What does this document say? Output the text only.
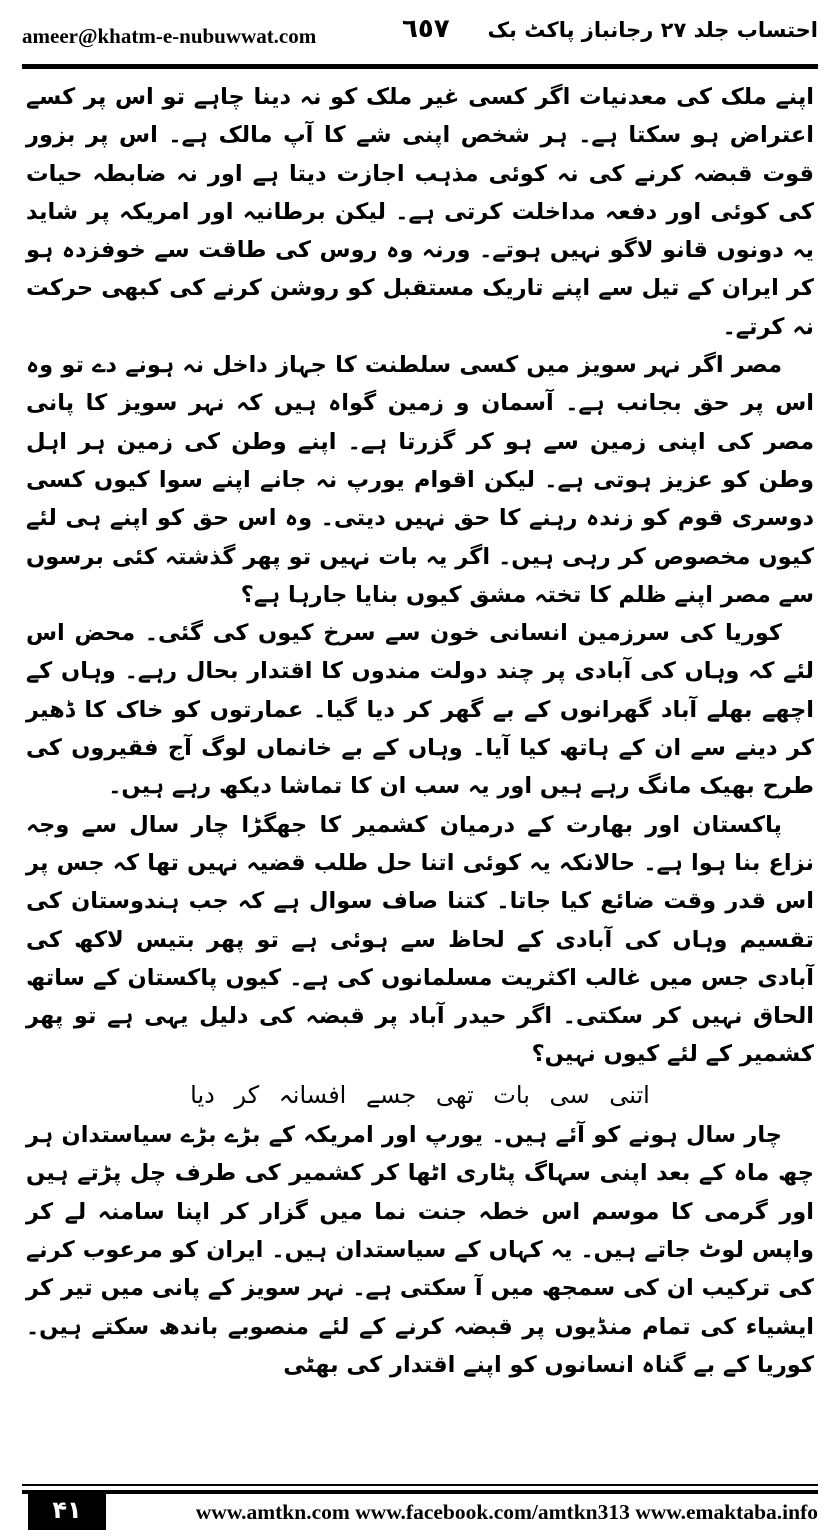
ameer@khatm-e-nubuwwat.com	٦٥٧ احتساب جلد ۲۷ رجانباز پاکٹ بک

اپنے ملک کی معدنیات اگر کسی غیر ملک کو نہ دینا چاہے تو اس پر کسے اعتراض ہو سکتا ہے۔ ہر شخص اپنی شے کا آپ مالک ہے۔ اس پر بزور قوت قبضہ کرنے کی نہ کوئی مذہب اجازت دیتا ہے اور نہ ضابطہ حیات کی کوئی اور دفعہ مداخلت کرتی ہے۔ لیکن برطانیہ اور امریکہ پر شاید یہ دونوں قانو لاگو نہیں ہوتے۔ ورنہ وہ روس کی طاقت سے خوفزدہ ہو کر ایران کے تیل سے اپنے تاریک مستقبل کو روشن کرنے کی کبھی حرکت نہ کرتے۔

مصر اگر نہر سویز میں کسی سلطنت کا جہاز داخل نہ ہونے دے تو وہ اس پر حق بجانب ہے۔ آسمان و زمین گواہ ہیں کہ نہر سویز کا پانی مصر کی اپنی زمین سے ہو کر گزرتا ہے۔ اپنے وطن کی زمین ہر اہل وطن کو عزیز ہوتی ہے۔ لیکن اقوام یورپ نہ جانے اپنے سوا کیوں کسی دوسری قوم کو زندہ رہنے کا حق نہیں دیتی۔ وہ اس حق کو اپنے ہی لئے کیوں مخصوص کر رہی ہیں۔ اگر یہ بات نہیں تو پھر گذشتہ کئی برسوں سے مصر اپنے ظلم کا تختہ مشق کیوں بنایا جارہا ہے؟

کوریا کی سرزمین انسانی خون سے سرخ کیوں کی گئی۔ محض اس لئے کہ وہاں کی آبادی پر چند دولت مندوں کا اقتدار بحال رہے۔ وہاں کے اچھے بھلے آباد گھرانوں کے بے گھر کر دیا گیا۔ عمارتوں کو خاک کا ڈھیر کر دینے سے ان کے ہاتھ کیا آیا۔ وہاں کے بے خانماں لوگ آج فقیروں کی طرح بھیک مانگ رہے ہیں اور یہ سب ان کا تماشا دیکھ رہے ہیں۔

پاکستان اور بھارت کے درمیان کشمیر کا جھگڑا چار سال سے وجہ نزاع بنا ہوا ہے۔ حالانکہ یہ کوئی اتنا حل طلب قضیہ نہیں تھا کہ جس پر اس قدر وقت ضائع کیا جاتا۔ کتنا صاف سوال ہے کہ جب ہندوستان کی تقسیم وہاں کی آبادی کے لحاظ سے ہوئی ہے تو پھر بتیس لاکھ کی آبادی جس میں غالب اکثریت مسلمانوں کی ہے۔ کیوں پاکستان کے ساتھ الحاق نہیں کر سکتی۔ اگر حیدر آباد پر قبضہ کی دلیل یہی ہے تو پھر کشمیر کے لئے کیوں نہیں؟

اتنی سی بات تھی جسے افسانہ کر دیا

چار سال ہونے کو آئے ہیں۔ یورپ اور امریکہ کے بڑے بڑے سیاستدان ہر چھ ماہ کے بعد اپنی سہاگ پٹاری اٹھا کر کشمیر کی طرف چل پڑتے ہیں اور گرمی کا موسم اس خطہ جنت نما میں گزار کر اپنا سامنہ لے کر واپس لوٹ جاتے ہیں۔ یہ کہاں کے سیاستدان ہیں۔ ایران کو مرعوب کرنے کی ترکیب ان کی سمجھ میں آ سکتی ہے۔ نہر سویز کے پانی میں تیر کر ایشیاء کی تمام منڈیوں پر قبضہ کرنے کے لئے منصوبے باندھ سکتے ہیں۔ کوریا کے بے گناہ انسانوں کو اپنے اقتدار کی بھٹی

۴۱	www.amtkn.com www.facebook.com/amtkn313 www.emaktaba.info
